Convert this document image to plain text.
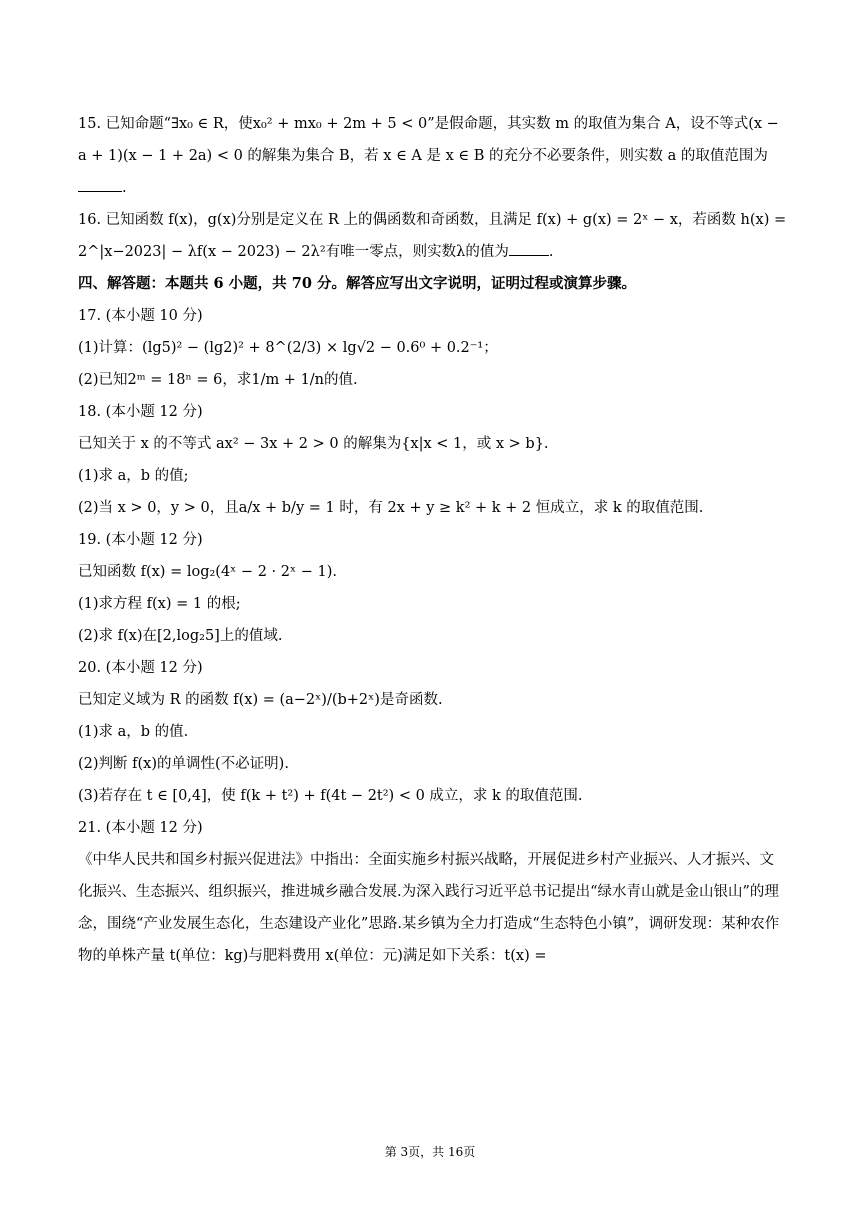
15. 已知命题“∃x₀ ∈ R，使x₀² + mx₀ + 2m + 5 < 0”是假命题，其实数 m 的取值为集合 A，设不等式(x −
a + 1)(x − 1 + 2a) < 0 的解集为集合 B，若 x ∈ A 是 x ∈ B 的充分不必要条件，则实数 a 的取值范围为
.
16. 已知函数 f(x)，g(x)分别是定义在 R 上的偶函数和奇函数，且满足 f(x) + g(x) = 2ˣ − x，若函数 h(x) =
2^|x−2023| − λf(x − 2023) − 2λ²有唯一零点，则实数λ的值为	.
四、解答题：本题共 6 小题，共 70 分。解答应写出文字说明，证明过程或演算步骤。
17. (本小题 10 分)
(1)计算：(lg5)² − (lg2)² + 8^(2/3) × lg√2 − 0.6⁰ + 0.2⁻¹；
(2)已知2ᵐ = 18ⁿ = 6，求1/m + 1/n的值.
18. (本小题 12 分)
已知关于 x 的不等式 ax² − 3x + 2 > 0 的解集为{x|x < 1，或 x > b}.
(1)求 a，b 的值;
(2)当 x > 0，y > 0，且a/x + b/y = 1 时，有 2x + y ≥ k² + k + 2 恒成立，求 k 的取值范围.
19. (本小题 12 分)
已知函数 f(x) = log₂(4ˣ − 2 · 2ˣ − 1).
(1)求方程 f(x) = 1 的根;
(2)求 f(x)在[2,log₂5]上的值域.
20. (本小题 12 分)
已知定义域为 R 的函数 f(x) = (a−2ˣ)/(b+2ˣ)是奇函数.
(1)求 a，b 的值.
(2)判断 f(x)的单调性(不必证明).
(3)若存在 t ∈ [0,4]，使 f(k + t²) + f(4t − 2t²) < 0 成立，求 k 的取值范围.
21. (本小题 12 分)
《中华人民共和国乡村振兴促进法》中指出：全面实施乡村振兴战略，开展促进乡村产业振兴、人才振兴、文化振兴、生态振兴、组织振兴，推进城乡融合发展.为深入践行习近平总书记提出“绿水青山就是金山银山”的理念，围绕“产业发展生态化，生态建设产业化”思路.某乡镇为全力打造成“生态特色小镇”，调研发现：某种农作物的单株产量 t(单位：kg)与肥料费用 x(单位：元)满足如下关系：t(x) =
第 3页，共 16页
